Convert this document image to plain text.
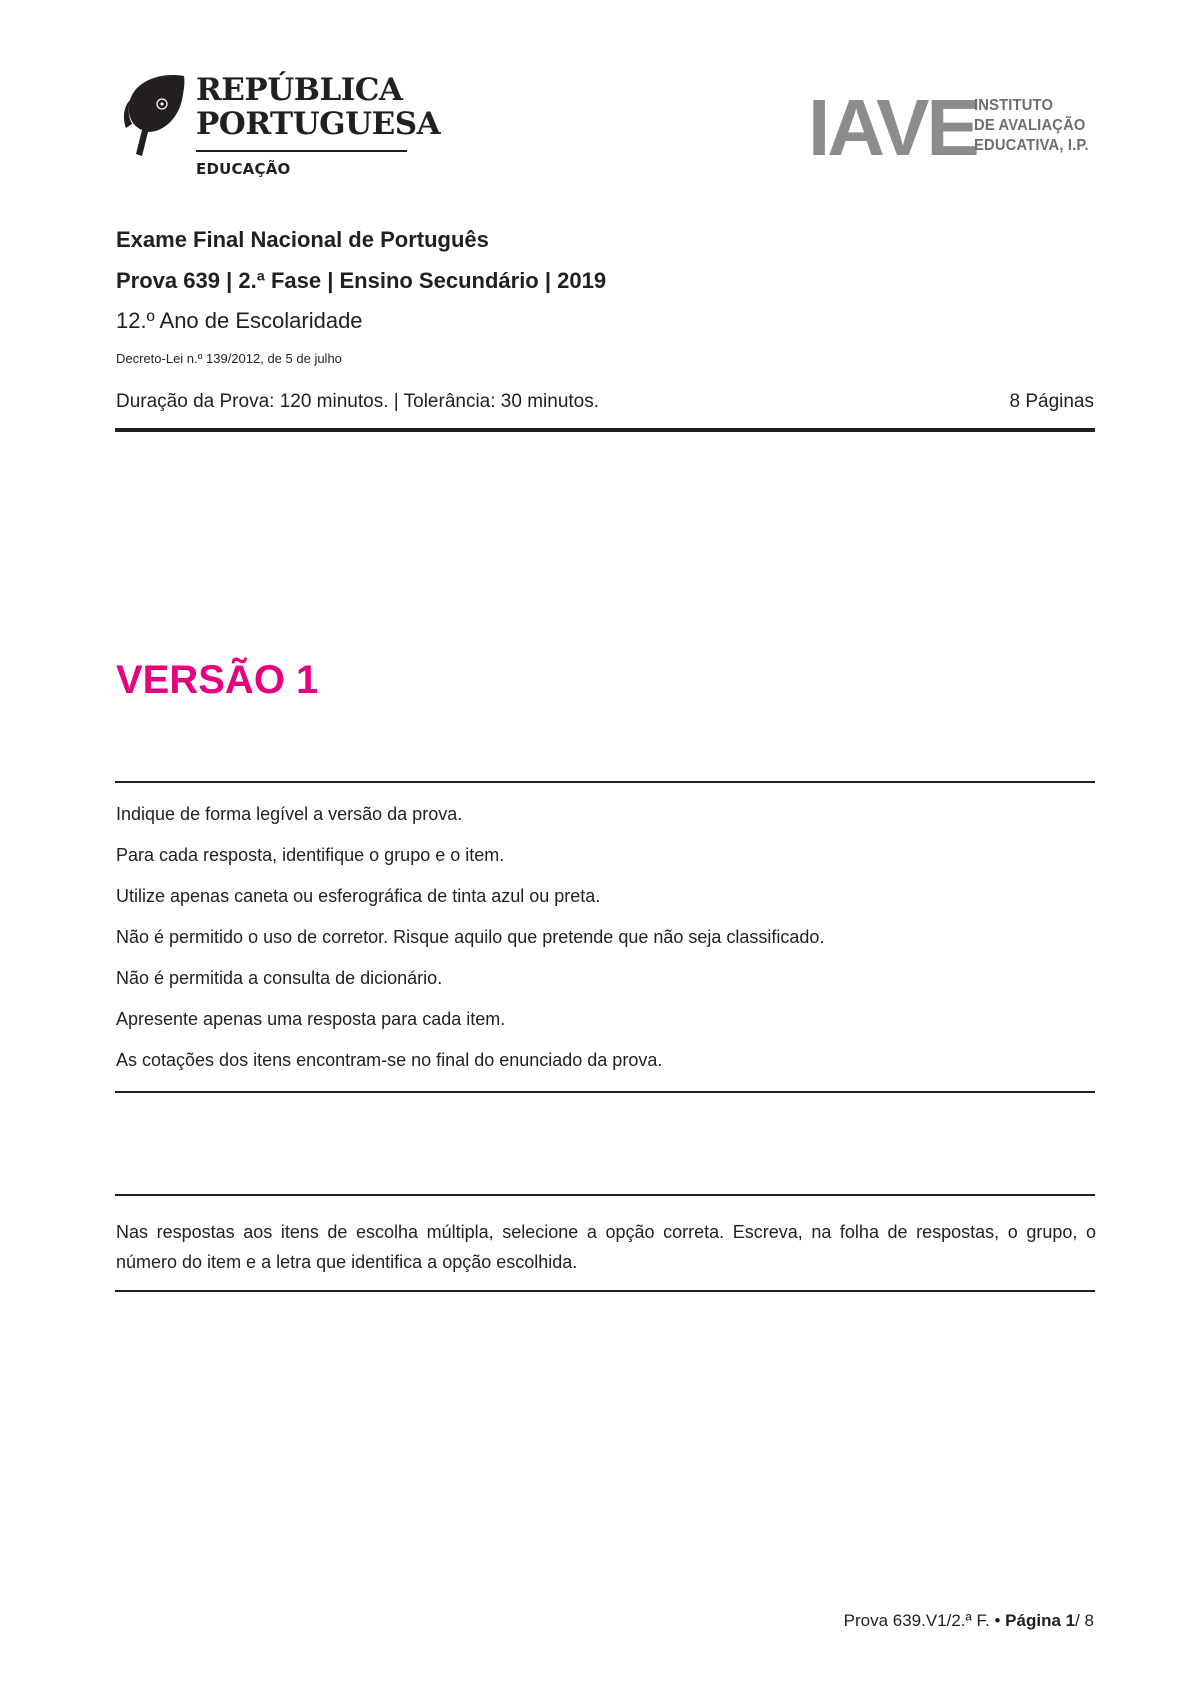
REPÚBLICA
PORTUGUESA
EDUCAÇÃO	IAVE
INSTITUTO
DE AVALIAÇÃO
EDUCATIVA, I.P.
Exame Final Nacional de Português
Prova 639 | 2.ª Fase | Ensino Secundário | 2019
12.º Ano de Escolaridade
Decreto-Lei n.º 139/2012, de 5 de julho
Duração da Prova: 120 minutos. | Tolerância: 30 minutos.	8 Páginas
VERSÃO 1
Indique de forma legível a versão da prova.
Para cada resposta, identifique o grupo e o item.
Utilize apenas caneta ou esferográfica de tinta azul ou preta.
Não é permitido o uso de corretor. Risque aquilo que pretende que não seja classificado.
Não é permitida a consulta de dicionário.
Apresente apenas uma resposta para cada item.
As cotações dos itens encontram-se no final do enunciado da prova.
Nas respostas aos itens de escolha múltipla, selecione a opção correta. Escreva, na folha de respostas, o grupo, o número do item e a letra que identifica a opção escolhida.
Prova 639.V1/2.ª F. • Página 1/ 8
